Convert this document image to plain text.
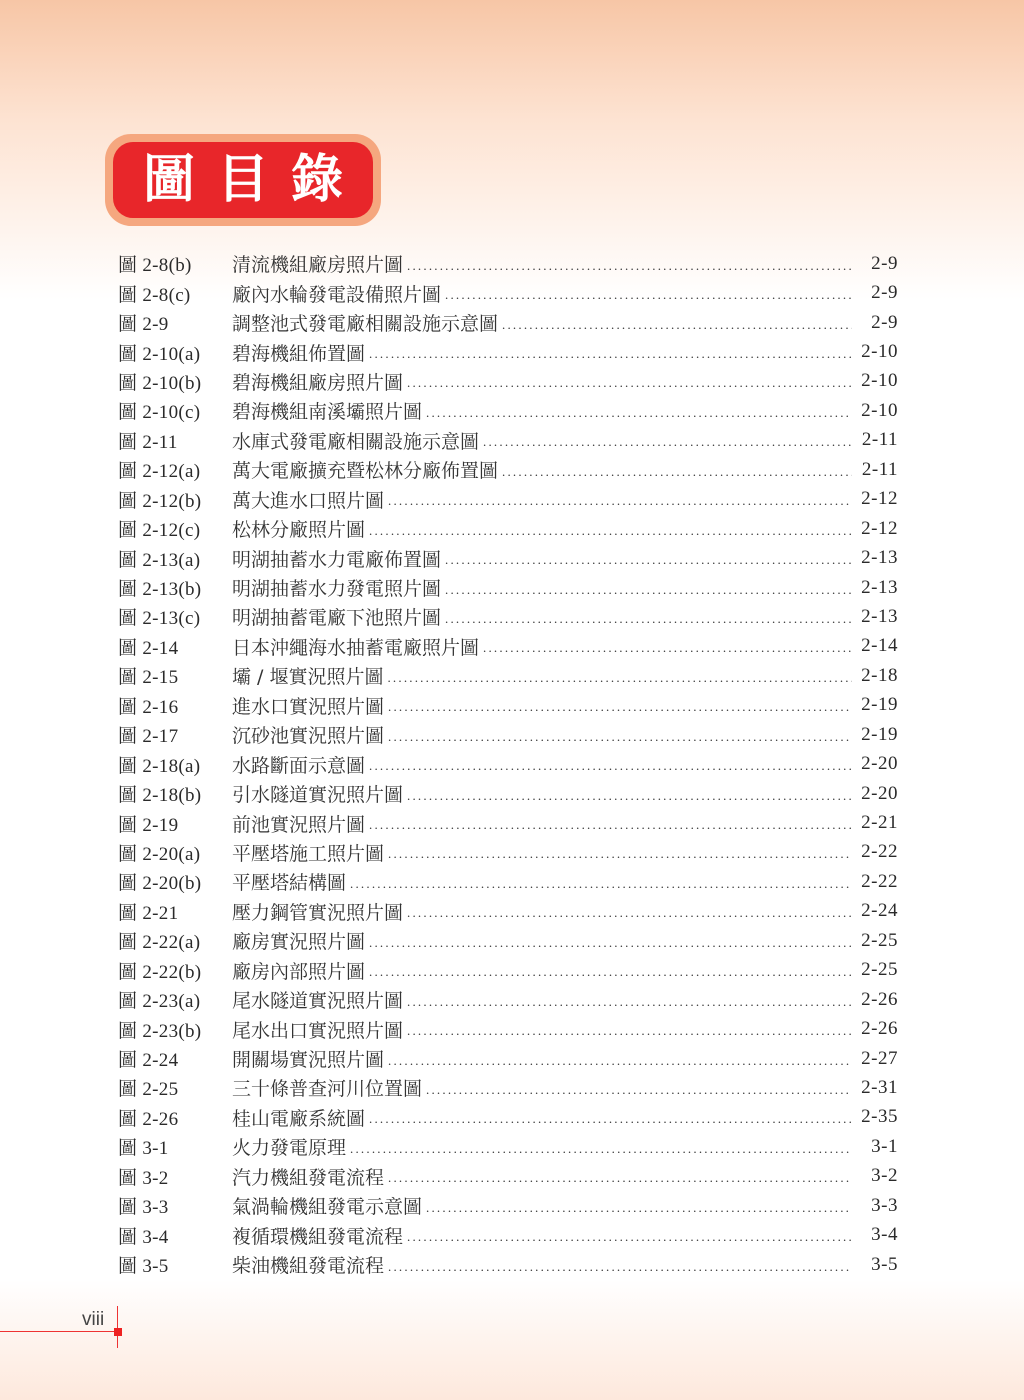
圖目錄
圖 2-8(b)	清流機組廠房照片圖 .....	2-9
圖 2-8(c)	廠內水輪發電設備照片圖 .....	2-9
圖 2-9	調整池式發電廠相關設施示意圖 .....	2-9
圖 2-10(a)	碧海機組佈置圖 .....	2-10
圖 2-10(b)	碧海機組廠房照片圖 .....	2-10
圖 2-10(c)	碧海機組南溪壩照片圖 .....	2-10
圖 2-11	水庫式發電廠相關設施示意圖 .....	2-11
圖 2-12(a)	萬大電廠擴充暨松林分廠佈置圖 .....	2-11
圖 2-12(b)	萬大進水口照片圖 .....	2-12
圖 2-12(c)	松林分廠照片圖 .....	2-12
圖 2-13(a)	明湖抽蓄水力電廠佈置圖 .....	2-13
圖 2-13(b)	明湖抽蓄水力發電照片圖 .....	2-13
圖 2-13(c)	明湖抽蓄電廠下池照片圖 .....	2-13
圖 2-14	日本沖繩海水抽蓄電廠照片圖 .....	2-14
圖 2-15	壩 / 堰實況照片圖 .....	2-18
圖 2-16	進水口實況照片圖 .....	2-19
圖 2-17	沉砂池實況照片圖 .....	2-19
圖 2-18(a)	水路斷面示意圖 .....	2-20
圖 2-18(b)	引水隧道實況照片圖 .....	2-20
圖 2-19	前池實況照片圖 .....	2-21
圖 2-20(a)	平壓塔施工照片圖 .....	2-22
圖 2-20(b)	平壓塔結構圖 .....	2-22
圖 2-21	壓力鋼管實況照片圖 .....	2-24
圖 2-22(a)	廠房實況照片圖 .....	2-25
圖 2-22(b)	廠房內部照片圖 .....	2-25
圖 2-23(a)	尾水隧道實況照片圖 .....	2-26
圖 2-23(b)	尾水出口實況照片圖 .....	2-26
圖 2-24	開關場實況照片圖 .....	2-27
圖 2-25	三十條普查河川位置圖 .....	2-31
圖 2-26	桂山電廠系統圖 .....	2-35
圖 3-1	火力發電原理 .....	3-1
圖 3-2	汽力機組發電流程 .....	3-2
圖 3-3	氣渦輪機組發電示意圖 .....	3-3
圖 3-4	複循環機組發電流程 .....	3-4
圖 3-5	柴油機組發電流程 .....	3-5
viii
